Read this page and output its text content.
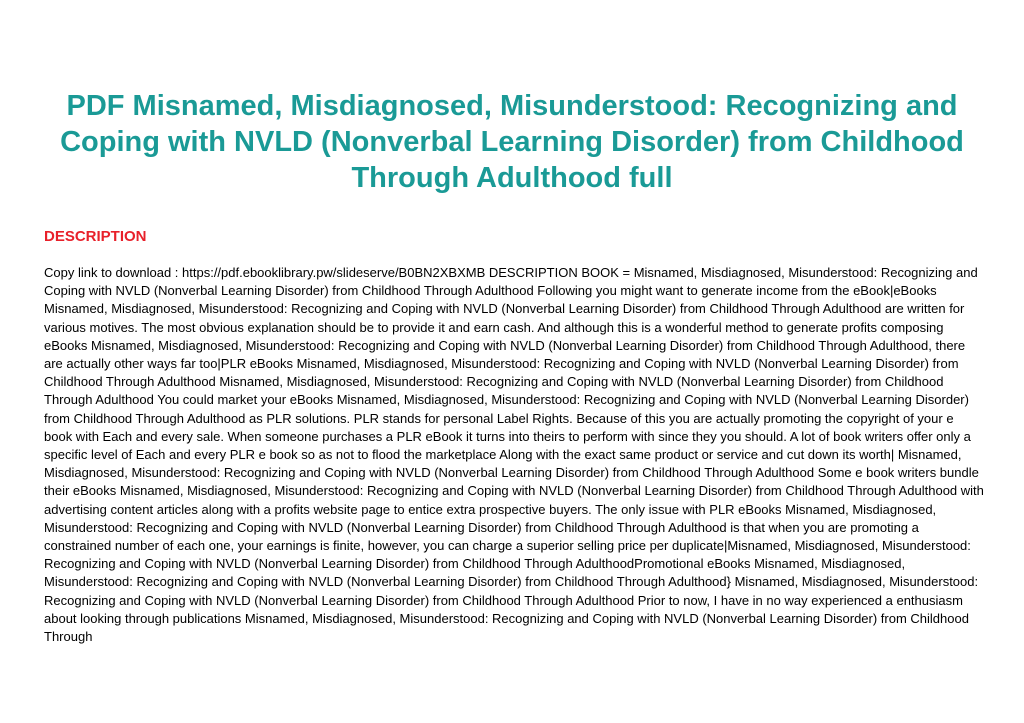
PDF Misnamed, Misdiagnosed, Misunderstood: Recognizing and Coping with NVLD (Nonverbal Learning Disorder) from Childhood Through Adulthood full
DESCRIPTION

Copy link to download : https://pdf.ebooklibrary.pw/slideserve/B0BN2XBXMB DESCRIPTION BOOK = Misnamed, Misdiagnosed, Misunderstood: Recognizing and Coping with NVLD (Nonverbal Learning Disorder) from Childhood Through Adulthood Following you might want to generate income from the eBook|eBooks Misnamed, Misdiagnosed, Misunderstood: Recognizing and Coping with NVLD (Nonverbal Learning Disorder) from Childhood Through Adulthood are written for various motives. The most obvious explanation should be to provide it and earn cash. And although this is a wonderful method to generate profits composing eBooks Misnamed, Misdiagnosed, Misunderstood: Recognizing and Coping with NVLD (Nonverbal Learning Disorder) from Childhood Through Adulthood, there are actually other ways far too|PLR eBooks Misnamed, Misdiagnosed, Misunderstood: Recognizing and Coping with NVLD (Nonverbal Learning Disorder) from Childhood Through Adulthood Misnamed, Misdiagnosed, Misunderstood: Recognizing and Coping with NVLD (Nonverbal Learning Disorder) from Childhood Through Adulthood You could market your eBooks Misnamed, Misdiagnosed, Misunderstood: Recognizing and Coping with NVLD (Nonverbal Learning Disorder) from Childhood Through Adulthood as PLR solutions. PLR stands for personal Label Rights. Because of this you are actually promoting the copyright of your e book with Each and every sale. When someone purchases a PLR eBook it turns into theirs to perform with since they you should. A lot of book writers offer only a specific level of Each and every PLR e book so as not to flood the marketplace Along with the exact same product or service and cut down its worth| Misnamed, Misdiagnosed, Misunderstood: Recognizing and Coping with NVLD (Nonverbal Learning Disorder) from Childhood Through Adulthood Some e book writers bundle their eBooks Misnamed, Misdiagnosed, Misunderstood: Recognizing and Coping with NVLD (Nonverbal Learning Disorder) from Childhood Through Adulthood with advertising content articles along with a profits website page to entice extra prospective buyers. The only issue with PLR eBooks Misnamed, Misdiagnosed, Misunderstood: Recognizing and Coping with NVLD (Nonverbal Learning Disorder) from Childhood Through Adulthood is that when you are promoting a constrained number of each one, your earnings is finite, however, you can charge a superior selling price per duplicate|Misnamed, Misdiagnosed, Misunderstood: Recognizing and Coping with NVLD (Nonverbal Learning Disorder) from Childhood Through AdulthoodPromotional eBooks Misnamed, Misdiagnosed, Misunderstood: Recognizing and Coping with NVLD (Nonverbal Learning Disorder) from Childhood Through Adulthood} Misnamed, Misdiagnosed, Misunderstood: Recognizing and Coping with NVLD (Nonverbal Learning Disorder) from Childhood Through Adulthood Prior to now, I have in no way experienced a enthusiasm about looking through publications Misnamed, Misdiagnosed, Misunderstood: Recognizing and Coping with NVLD (Nonverbal Learning Disorder) from Childhood Through
